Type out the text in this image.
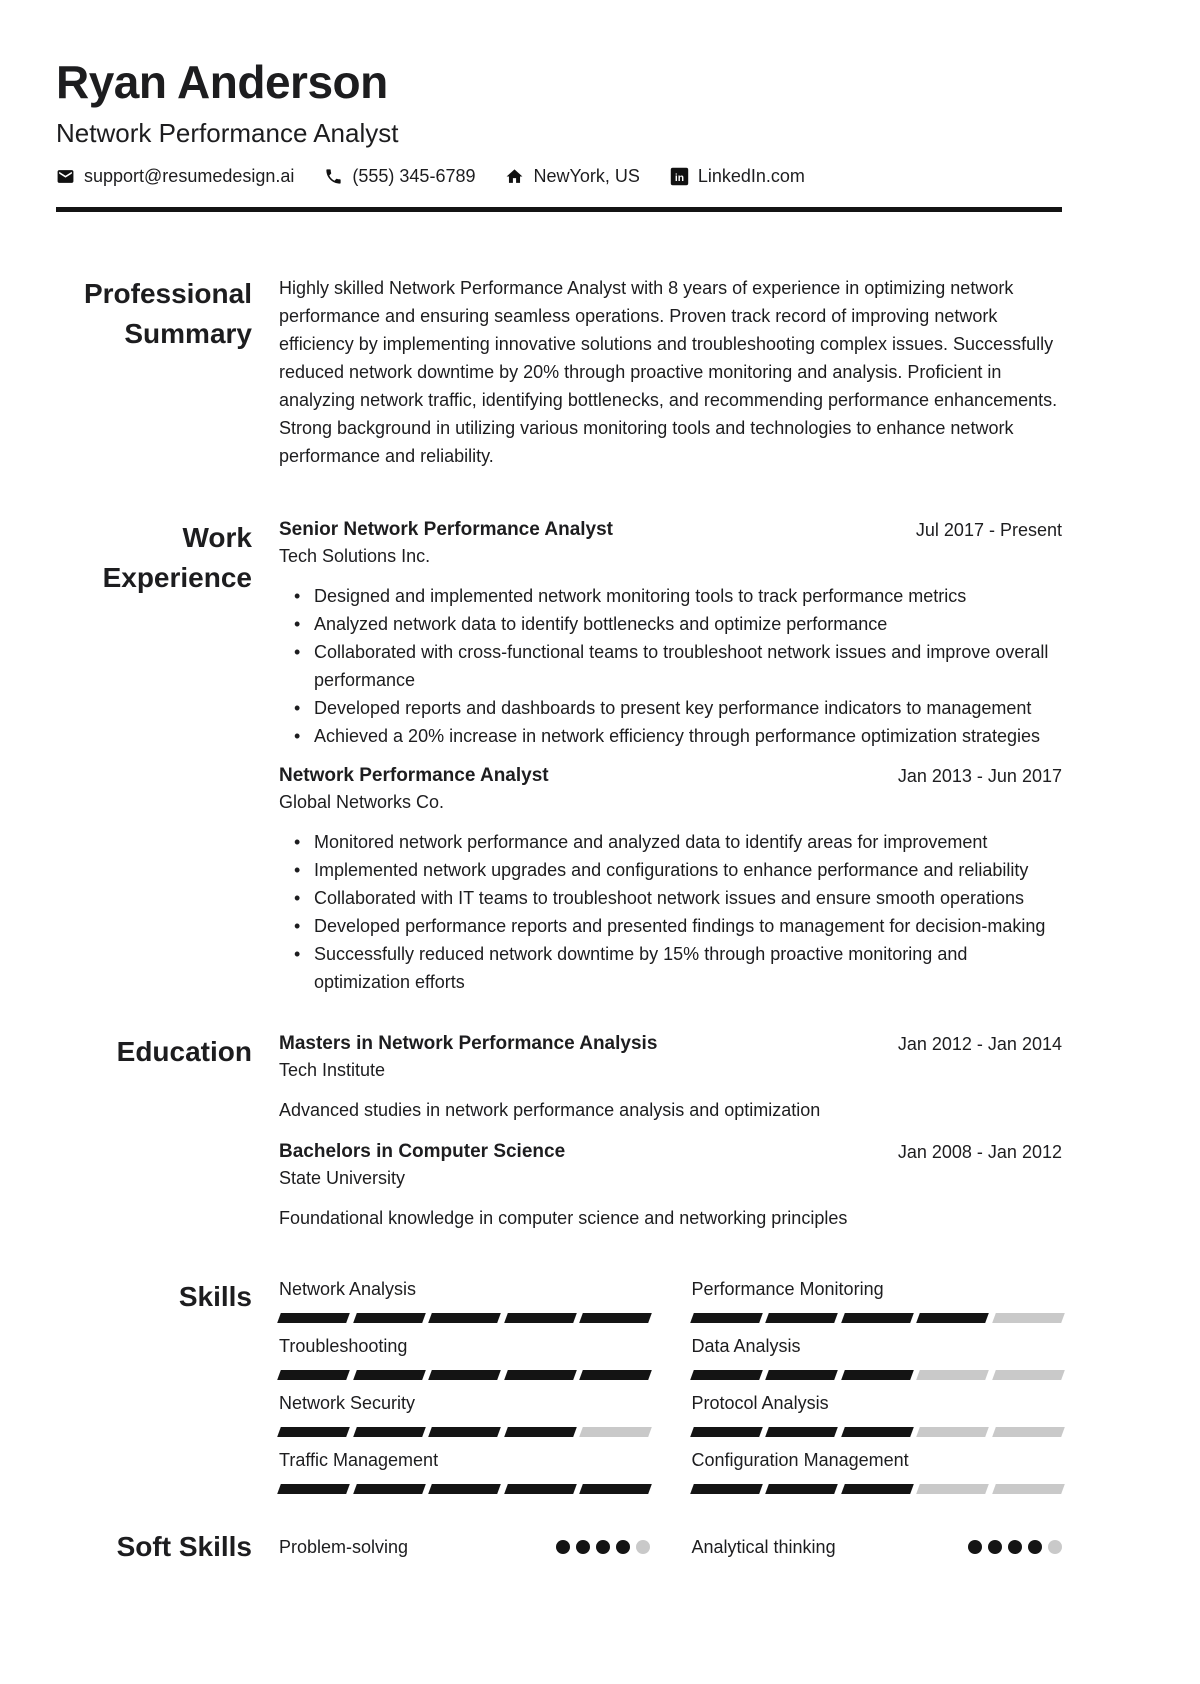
Ryan Anderson
Network Performance Analyst
support@resumedesign.ai	(555) 345-6789	NewYork, US	in LinkedIn.com
Professional Summary
Highly skilled Network Performance Analyst with 8 years of experience in optimizing network performance and ensuring seamless operations. Proven track record of improving network efficiency by implementing innovative solutions and troubleshooting complex issues. Successfully reduced network downtime by 20% through proactive monitoring and analysis. Proficient in analyzing network traffic, identifying bottlenecks, and recommending performance enhancements. Strong background in utilizing various monitoring tools and technologies to enhance network performance and reliability.
Work Experience
Senior Network Performance Analyst	Jul 2017 - Present
Tech Solutions Inc.
• Designed and implemented network monitoring tools to track performance metrics
• Analyzed network data to identify bottlenecks and optimize performance
• Collaborated with cross-functional teams to troubleshoot network issues and improve overall performance
• Developed reports and dashboards to present key performance indicators to management
• Achieved a 20% increase in network efficiency through performance optimization strategies
Network Performance Analyst	Jan 2013 - Jun 2017
Global Networks Co.
• Monitored network performance and analyzed data to identify areas for improvement
• Implemented network upgrades and configurations to enhance performance and reliability
• Collaborated with IT teams to troubleshoot network issues and ensure smooth operations
• Developed performance reports and presented findings to management for decision-making
• Successfully reduced network downtime by 15% through proactive monitoring and optimization efforts
Education Masters in Network Performance Analysis	Jan 2012 - Jan 2014
Tech Institute
Advanced studies in network performance analysis and optimization
Bachelors in Computer Science	Jan 2008 - Jan 2012
State University
Foundational knowledge in computer science and networking principles
Skills Network Analysis	Performance Monitoring
Troubleshooting	Data Analysis
Network Security	Protocol Analysis
Traffic Management	Configuration Management
Soft Skills Problem-solving	Analytical thinking
